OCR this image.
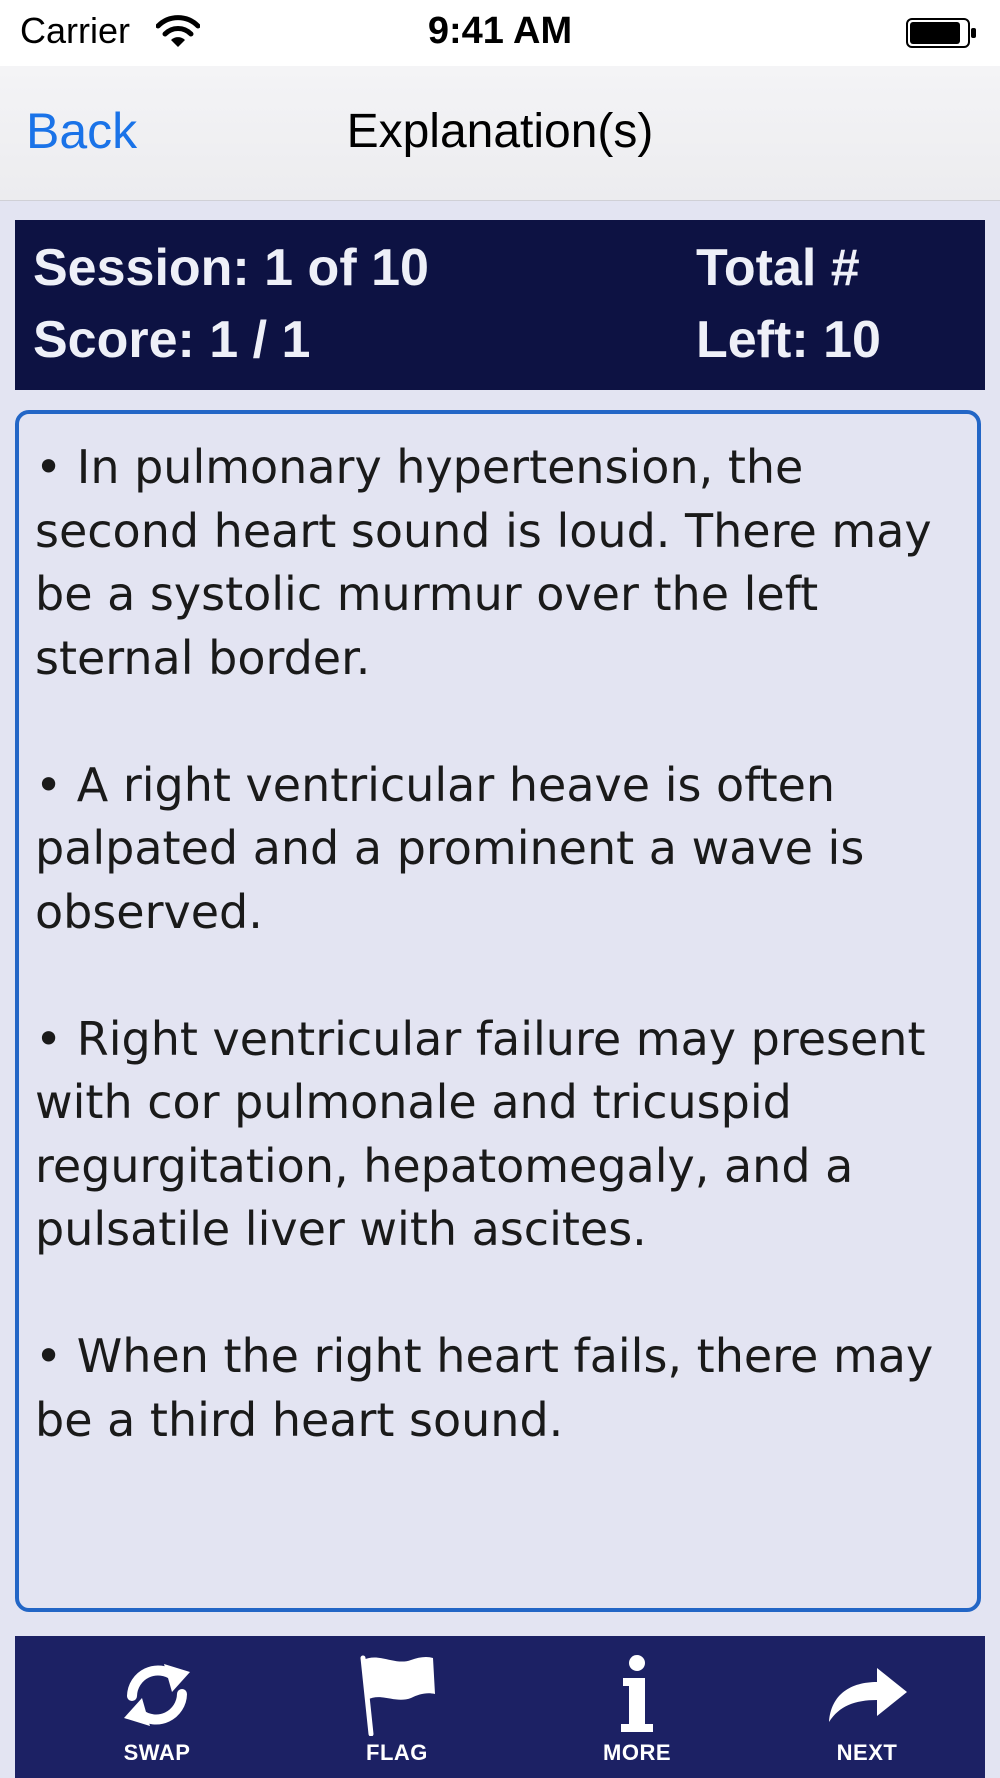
Carrier	9:41 AM
Back	Explanation(s)
Session: 1 of 10
Score: 1 / 1
Total #
Left: 10

• In pulmonary hypertension, the second heart sound is loud. There may be a systolic murmur over the left sternal border.

• A right ventricular heave is often palpated and a prominent a wave is observed.

• Right ventricular failure may present with cor pulmonale and tricuspid regurgitation, hepatomegaly, and a pulsatile liver with ascites.

• When the right heart fails, there may be a third heart sound.

SWAP	FLAG	MORE	NEXT
